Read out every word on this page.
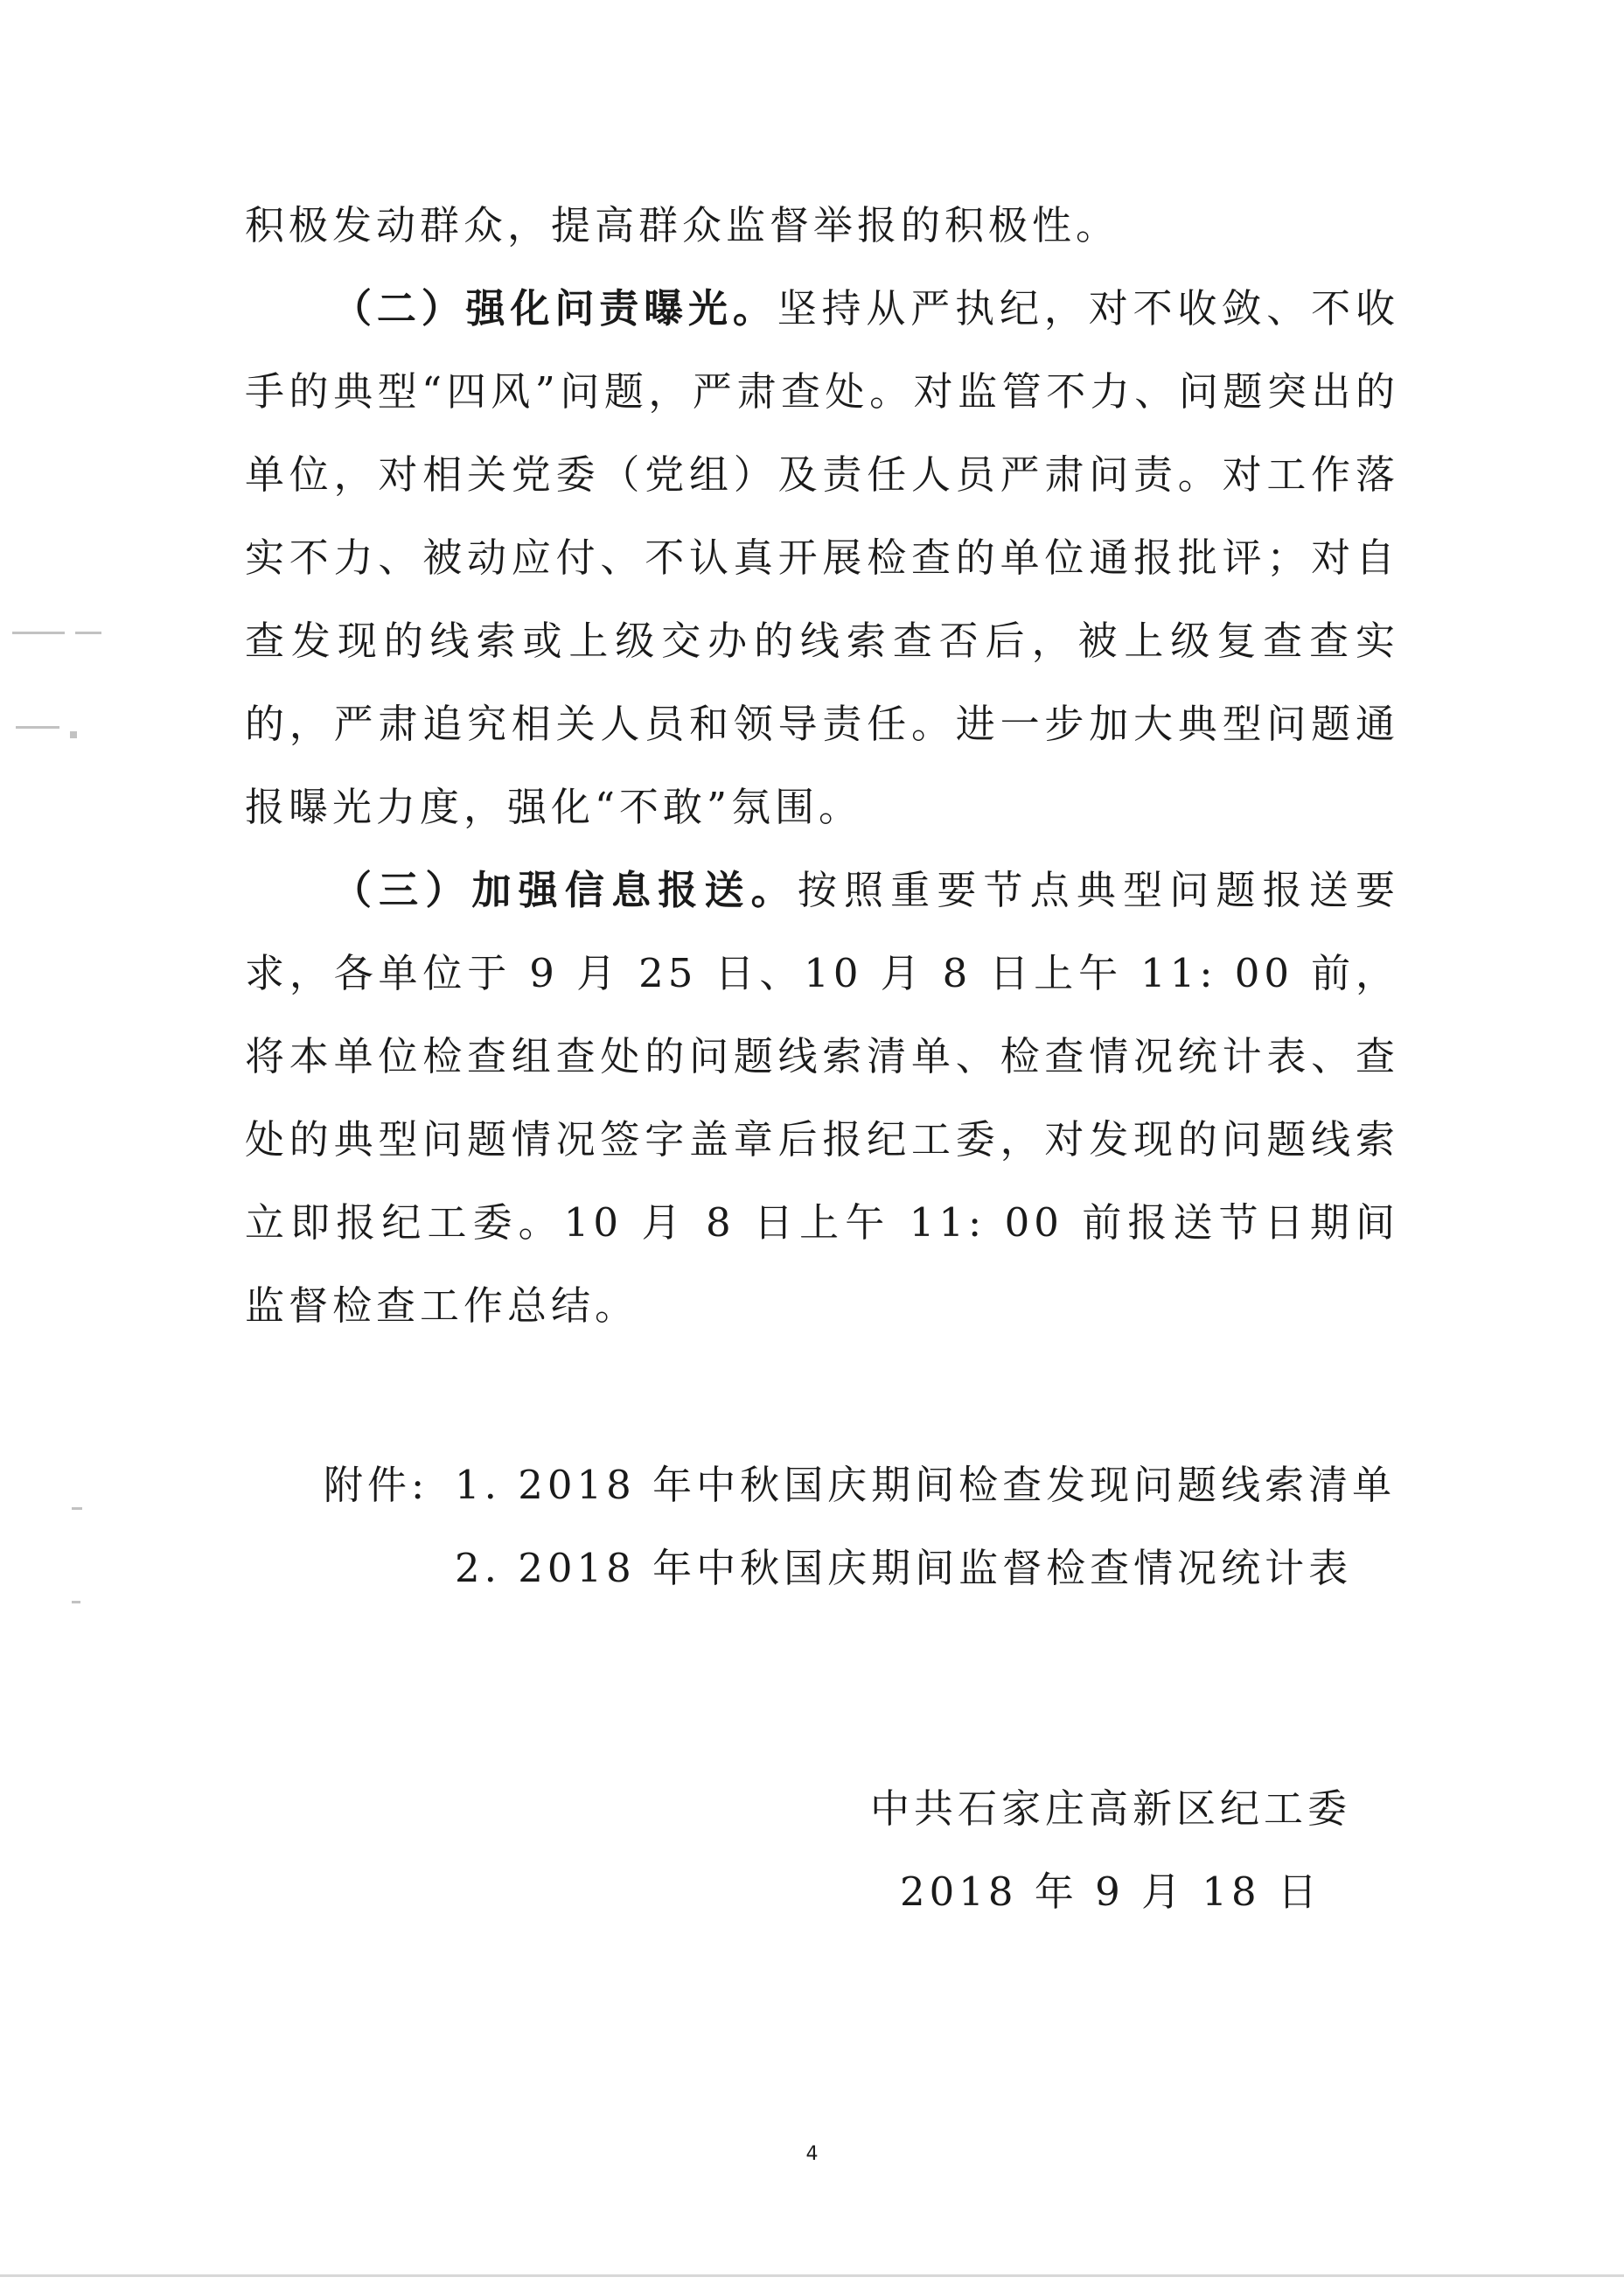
积极发动群众，提高群众监督举报的积极性。

（二）强化问责曝光。坚持从严执纪，对不收敛、不收手的典型“四风”问题，严肃查处。对监管不力、问题突出的单位，对相关党委（党组）及责任人员严肃问责。对工作落实不力、被动应付、不认真开展检查的单位通报批评；对自查发现的线索或上级交办的线索查否后，被上级复查查实的，严肃追究相关人员和领导责任。进一步加大典型问题通报曝光力度，强化“不敢”氛围。

（三）加强信息报送。按照重要节点典型问题报送要求，各单位于 9 月 25 日、10 月 8 日上午 11: 00 前，将本单位检查组查处的问题线索清单、检查情况统计表、查处的典型问题情况签字盖章后报纪工委，对发现的问题线索立即报纪工委。10 月 8 日上午 11: 00 前报送节日期间监督检查工作总结。

附件: 1. 2018 年中秋国庆期间检查发现问题线索清单
2. 2018 年中秋国庆期间监督检查情况统计表
中共石家庄高新区纪工委
2018 年 9 月 18 日
4
